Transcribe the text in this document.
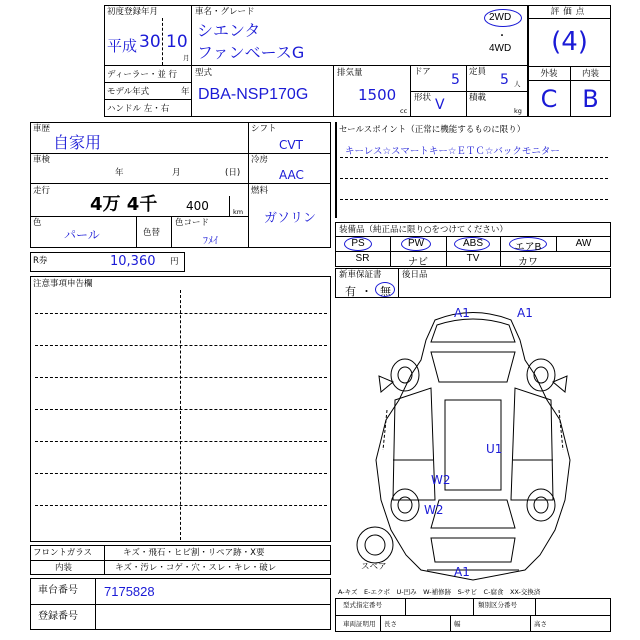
初度登録年月
平成 30 10
月
車名・グレード
シエンタ
ファンベースG
2WD
・
4WD
ディーラー・並 行
モデル年式	年
ハンドル 左・右
型式
DBA-NSP170G
排気量
1500
cc
ドア 5
形状 V
定員 5 人
積載
kg
評価点
(4)
外装	内装
C	B
車歴
自家用
車検
年	月	(日)
走行
4万 4千 400	km
色
パール	色替
色コード
ﾌﾒｲ
シフト
CVT
冷房
AAC
燃料
ガソリン
R券	10,360 円
セールスポイント（正常に機能するものに限り）
キーレス☆スマートキー☆ＥＴＣ☆バックモニター
装備品（純正品に限り○をつけてください）
PS	PW	ABS	エアB	AW
SR	ナビ	TV	カワ
新車保証書
有 ・ 無
後日品
注意事項申告欄
A1	A1
U1
W2
W2
A1
スペア
フロントガラス	キズ・飛石・ヒビ割・リペア跡・X要
内装	キズ・汚レ・コゲ・穴・スレ・キレ・破レ
車台番号 7175828
登録番号
A-キズ　E-エクボ　U-凹み　W-補修跡　S-サビ　C-腐食　XX-交換済
型式指定番号	類別区分番号
車両証明用 長さ	幅	高さ
